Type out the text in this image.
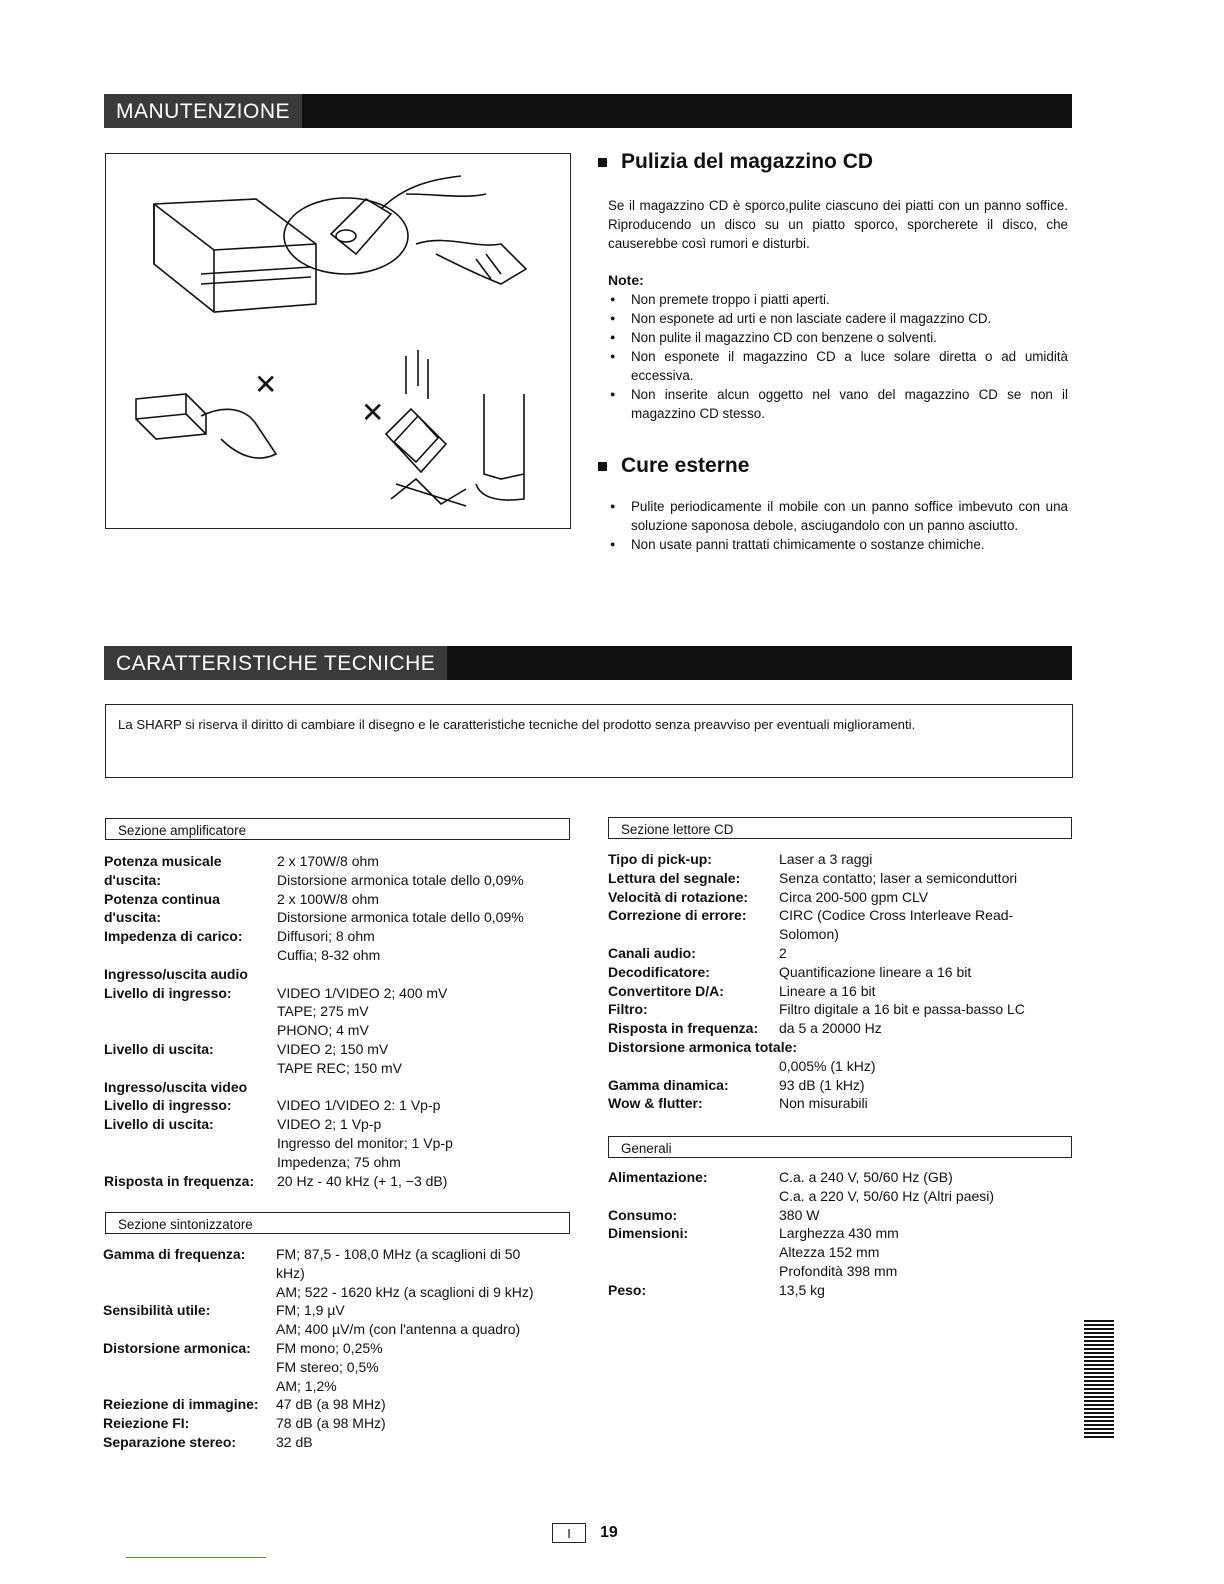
MANUTENZIONE
✕
✕
Pulizia del magazzino CD
Se il magazzino CD è sporco,pulite ciascuno dei piatti con un panno soffice. Riproducendo un disco su un piatto sporco, sporcherete il disco, che causerebbe così rumori e disturbi.
Note:
● Non premete troppo i piatti aperti.
● Non esponete ad urti e non lasciate cadere il magazzino CD.
● Non pulite il magazzino CD con benzene o solventi.
● Non esponete il magazzino CD a luce solare diretta o ad umidità eccessiva.
● Non inserite alcun oggetto nel vano del magazzino CD se non il magazzino CD stesso.
Cure esterne
● Pulite periodicamente il mobile con un panno soffice imbevuto con una soluzione saponosa debole, asciugandolo con un panno asciutto.
● Non usate panni trattati chimicamente o sostanze chimiche.
CARATTERISTICHE TECNICHE
La SHARP si riserva il diritto di cambiare il disegno e le caratteristiche tecniche del prodotto senza preavviso per eventuali miglioramenti.
Sezione amplificatore
Potenza musicale	2 x 170W/8 ohm
d'uscita:	Distorsione armonica totale dello 0,09%
Potenza continua	2 x 100W/8 ohm
d'uscita:	Distorsione armonica totale dello 0,09%
Impedenza di carico:	Diffusori; 8 ohm
Cuffia; 8-32 ohm
Ingresso/uscita audio
Livello di ingresso:	VIDEO 1/VIDEO 2; 400 mV
TAPE; 275 mV
PHONO; 4 mV
Livello di uscita:	VIDEO 2; 150 mV
TAPE REC; 150 mV
Ingresso/uscita video
Livello di ingresso:	VIDEO 1/VIDEO 2: 1 Vp-p
Livello di uscita:	VIDEO 2; 1 Vp-p
Ingresso del monitor; 1 Vp-p
Impedenza; 75 ohm
Risposta in frequenza:	20 Hz - 40 kHz (+ 1, −3 dB)
Sezione sintonizzatore
Gamma di frequenza:	FM; 87,5 - 108,0 MHz (a scaglioni di 50
kHz)
AM; 522 - 1620 kHz (a scaglioni di 9 kHz)
Sensibilità utile:	FM; 1,9 µV
AM; 400 µV/m (con l'antenna a quadro)
Distorsione armonica:	FM mono; 0,25%
FM stereo; 0,5%
AM; 1,2%
Reiezione di immagine:	47 dB (a 98 MHz)
Reiezione FI:	78 dB (a 98 MHz)
Separazione stereo:	32 dB
Sezione lettore CD
Tipo di pick-up:	Laser a 3 raggi
Lettura del segnale:	Senza contatto; laser a semiconduttori
Velocità di rotazione:	Circa 200-500 gpm CLV
Correzione di errore:	CIRC (Codice Cross Interleave Read-
Solomon)
Canali audio:	2
Decodificatore:	Quantificazione lineare a 16 bit
Convertitore D/A:	Lineare a 16 bit
Filtro:	Filtro digitale a 16 bit e passa-basso LC
Risposta in frequenza:	da 5 a 20000 Hz
Distorsione armonica totale:
0,005% (1 kHz)
Gamma dinamica:	93 dB (1 kHz)
Wow & flutter:	Non misurabili
Generali
Alimentazione:	C.a. a 240 V, 50/60 Hz (GB)
C.a. a 220 V, 50/60 Hz (Altri paesi)
Consumo:	380 W
Dimensioni:	Larghezza 430 mm
Altezza 152 mm
Profondità 398 mm
Peso:	13,5 kg
I	19
